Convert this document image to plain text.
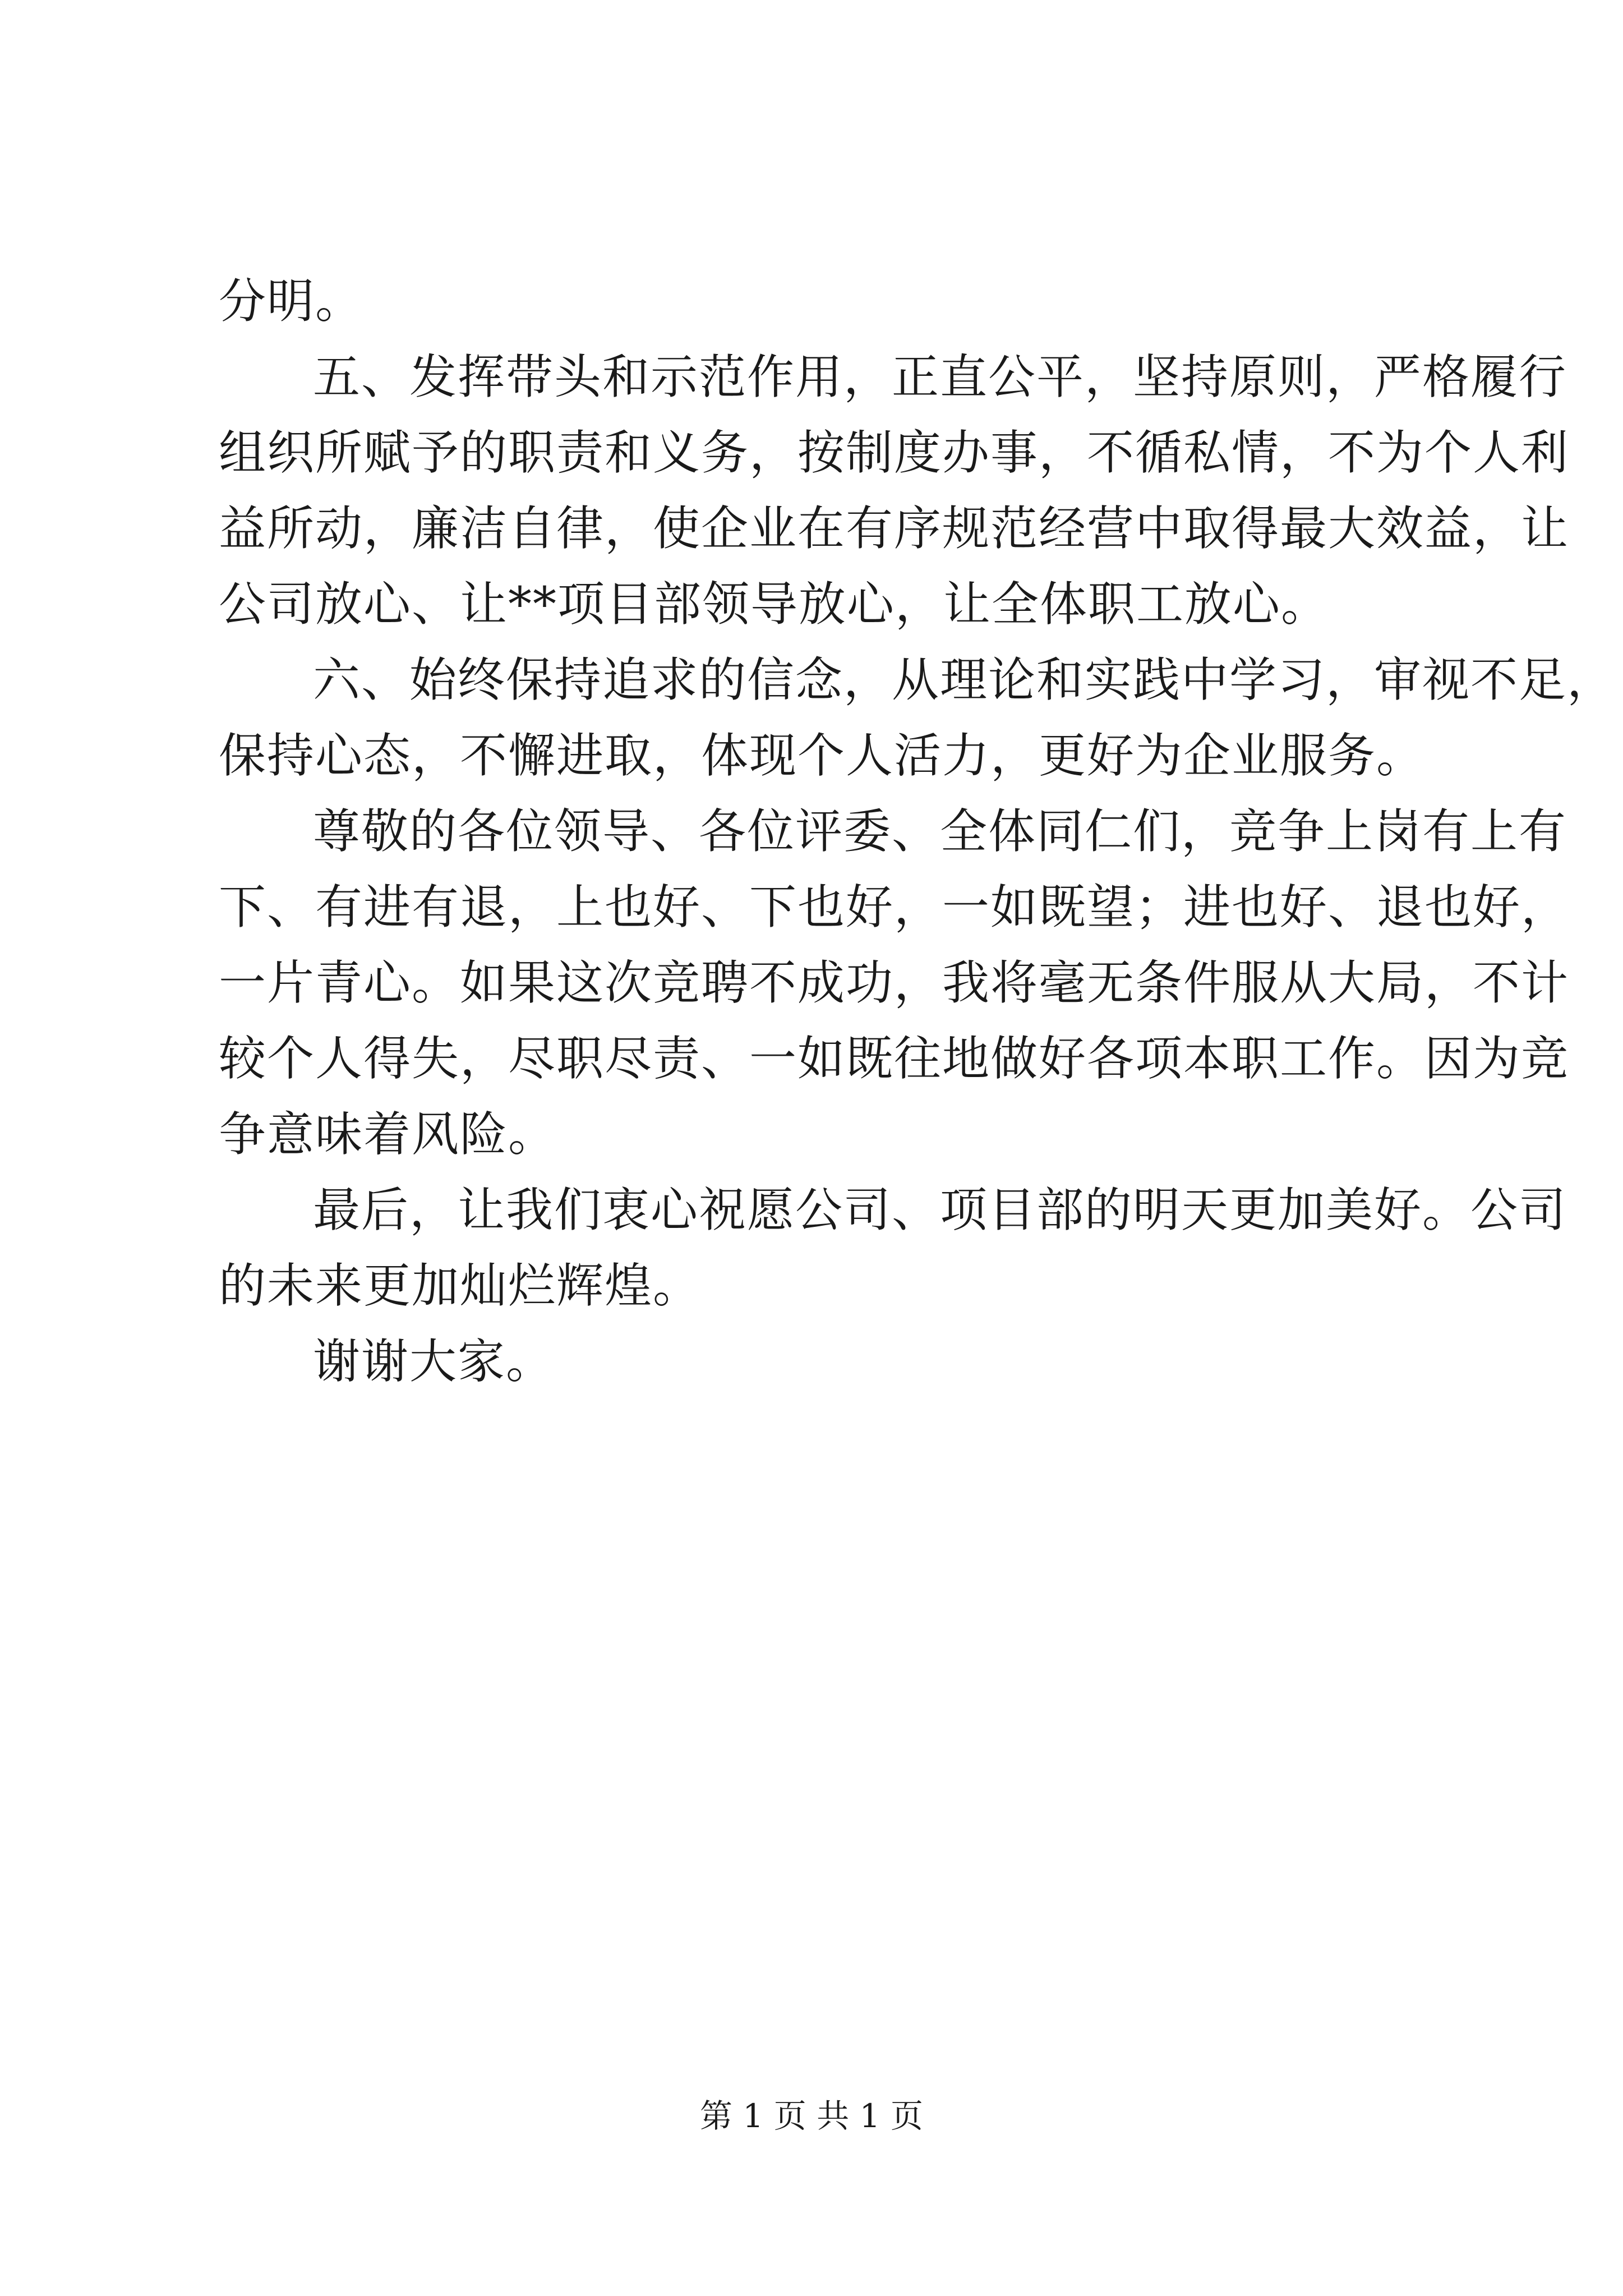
分明。
五、发挥带头和示范作用，正直公平，坚持原则，严格履行
组织所赋予的职责和义务，按制度办事，不循私情，不为个人利
益所动，廉洁自律，使企业在有序规范经营中取得最大效益，让
公司放心、让**项目部领导放心，让全体职工放心。
六、始终保持追求的信念，从理论和实践中学习，审视不足，
保持心态，不懈进取，体现个人活力，更好为企业服务。
尊敬的各位领导、各位评委、全体同仁们，竞争上岗有上有
下、有进有退，上也好、下也好，一如既望；进也好、退也好，
一片青心。如果这次竞聘不成功，我将毫无条件服从大局，不计
较个人得失，尽职尽责、一如既往地做好各项本职工作。因为竞
争意味着风险。
最后，让我们衷心祝愿公司、项目部的明天更加美好。公司
的未来更加灿烂辉煌。
谢谢大家。
第 1 页 共 1 页
